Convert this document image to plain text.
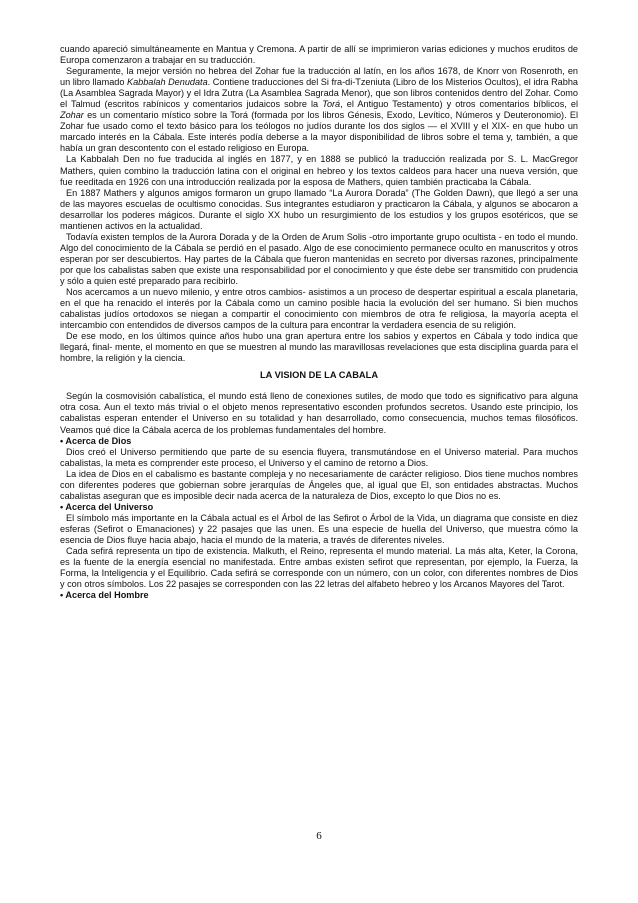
cuando apareció simultáneamente en Mantua y Cremona. A partir de allí se imprimieron varias ediciones y muchos eruditos de Europa comenzaron a trabajar en su traducción.

Seguramente, la mejor versión no hebrea del Zohar fue la traducción al latín, en los años 1678, de Knorr von Rosenroth, en un libro llamado Kabbalah Denudata. Contiene traducciones del Si fra-di-Tzeniuta (Libro de los Misterios Ocultos), el idra Rabha (La Asamblea Sagrada Mayor) y el Idra Zutra (La Asamblea Sagrada Menor), que son libros contenidos dentro del Zohar. Como el Talmud (escritos rabínicos y comentarios judaicos sobre la Torá, el Antiguo Testamento) y otros comentarios bíblicos, el Zohar es un comentario místico sobre la Torá (formada por los libros Génesis, Exodo, Levítico, Números y Deuteronomio). El Zohar fue usado como el texto básico para los teólogos no judíos durante los dos siglos — el XVIII y el XIX- en que hubo un marcado interés en la Cábala. Este interés podía deberse a la mayor disponibilidad de libros sobre el tema y, también, a que había un gran descontento con el estado religioso en Europa.

La Kabbalah Den no fue traducida al inglés en 1877, y en 1888 se publicó la traducción realizada por S. L. MacGregor Mathers, quien combino la traducción latina con el original en hebreo y los textos caldeos para hacer una nueva versión, que fue reeditada en 1926 con una introducción realizada por la esposa de Mathers, quien también practicaba la Cábala.

En 1887 Mathers y algunos amigos formaron un grupo llamado “La Aurora Dorada” (The Golden Dawn), que llegó a ser una de las mayores escuelas de ocultismo conocidas. Sus integrantes estudiaron y practicaron la Cábala, y algunos se abocaron a desarrollar los poderes mágicos. Durante el siglo XX hubo un resurgimiento de los estudios y los grupos esotéricos, que se mantienen activos en la actualidad.

Todavía existen templos de la Aurora Dorada y de la Orden de Arum Solis -otro importante grupo ocultista - en todo el mundo. Algo del conocimiento de la Cábala se perdió en el pasado. Algo de ese conocimiento permanece oculto en manuscritos y otros esperan por ser descubiertos. Hay partes de la Cábala que fueron mantenidas en secreto por diversas razones, principalmente por que los cabalistas saben que existe una responsabilidad por el conocimiento y que éste debe ser transmitido con prudencia y sólo a quien esté preparado para recibirlo.

Nos acercamos a un nuevo milenio, y entre otros cambios- asistimos a un proceso de despertar espiritual a escala planetaria, en el que ha renacido el interés por la Cábala como un camino posible hacia la evolución del ser humano. Si bien muchos cabalistas judíos ortodoxos se niegan a compartir el conocimiento con miembros de otra fe religiosa, la mayoría acepta el intercambio con entendidos de diversos campos de la cultura para encontrar la verdadera esencia de su religión.

De ese modo, en los últimos quince años hubo una gran apertura entre los sabios y expertos en Cábala y todo indica que llegará, final- mente, el momento en que se muestren al mundo las maravillosas revelaciones que esta disciplina guarda para el hombre, la religión y la ciencia.

LA VISION DE LA CABALA

Según la cosmovisión cabalística, el mundo está lleno de conexiones sutiles, de modo que todo es significativo para alguna otra cosa. Aun el texto más trivial o el objeto menos representativo esconden profundos secretos. Usando este principio, los cabalistas esperan entender el Universo en su totalidad y han desarrollado, como consecuencia, muchos temas filosóficos. Veamos qué dice la Cábala acerca de los problemas fundamentales del hombre.

• Acerca de Dios

Dios creó el Universo permitiendo que parte de su esencia fluyera, transmutándose en el Universo material. Para muchos cabalistas, la meta es comprender este proceso, el Universo y el camino de retorno a Dios.

La idea de Dios en el cabalismo es bastante compleja y no necesariamente de carácter religioso. Dios tiene muchos nombres con diferentes poderes que gobiernan sobre jerarquías de Ángeles que, al igual que El, son entidades abstractas. Muchos cabalistas aseguran que es imposible decir nada acerca de la naturaleza de Dios, excepto lo que Dios no es.

• Acerca del Universo

El símbolo más importante en la Cábala actual es el Árbol de las Sefirot o Árbol de la Vida, un diagrama que consiste en diez esferas (Sefirot o Emanaciones) y 22 pasajes que las unen. Es una especie de huella del Universo, que muestra cómo la esencia de Dios fluye hacia abajo, hacia el mundo de la materia, a través de diferentes niveles.

Cada sefirá representa un tipo de existencia. Malkuth, el Reino, representa el mundo material. La más alta, Keter, la Corona, es la fuente de la energía esencial no manifestada. Entre ambas existen sefirot que representan, por ejemplo, la Fuerza, la Forma, la Inteligencia y el Equilibrio. Cada sefirá se corresponde con un número, con un color, con diferentes nombres de Dios y con otros símbolos. Los 22 pasajes se corresponden con las 22 letras del alfabeto hebreo y los Arcanos Mayores del Tarot.

• Acerca del Hombre

6
